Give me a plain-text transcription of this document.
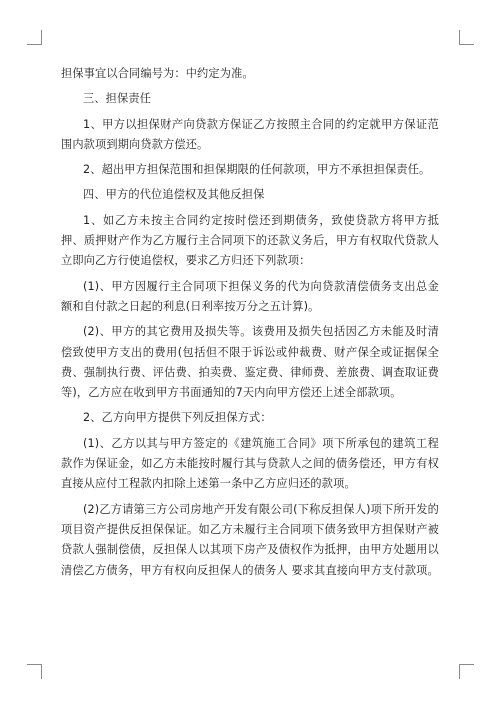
担保事宜以合同编号为：中约定为准。

三、担保责任

1、甲方以担保财产向贷款方保证乙方按照主合同的约定就甲方保证范围内款项到期向贷款方偿还。

2、超出甲方担保范围和担保期限的任何款项，甲方不承担担保责任。

四、甲方的代位追偿权及其他反担保

1、如乙方未按主合同约定按时偿还到期债务，致使贷款方将甲方抵押、质押财产作为乙方履行主合同项下的还款义务后，甲方有权取代贷款人立即向乙方行使追偿权，要求乙方归还下列款项：

(1)、甲方因履行主合同项下担保义务的代为向贷款清偿债务支出总金额和自付款之日起的利息(日利率按万分之五计算)。

(2)、甲方的其它费用及损失等。该费用及损失包括因乙方未能及时清偿致使甲方支出的费用(包括但不限于诉讼或仲裁费、财产保全或证据保全费、强制执行费、评估费、拍卖费、鉴定费、律师费、差旅费、调查取证费等)，乙方应在收到甲方书面通知的7天内向甲方偿还上述全部款项。

2、乙方向甲方提供下列反担保方式：

(1)、乙方以其与甲方签定的《建筑施工合同》项下所承包的建筑工程款作为保证金，如乙方未能按时履行其与贷款人之间的债务偿还，甲方有权直接从应付工程款内扣除上述第一条中乙方应归还的款项。

(2)乙方请第三方公司房地产开发有限公司(下称反担保人)项下所开发的 项目资产提供反担保保证。如乙方未履行主合同项下债务致甲方担保财产被贷款人强制偿债，反担保人以其项下房产及债权作为抵押，由甲方处题用以清偿乙方债务，甲方有权向反担保人的债务人 要求其直接向甲方支付款项。
